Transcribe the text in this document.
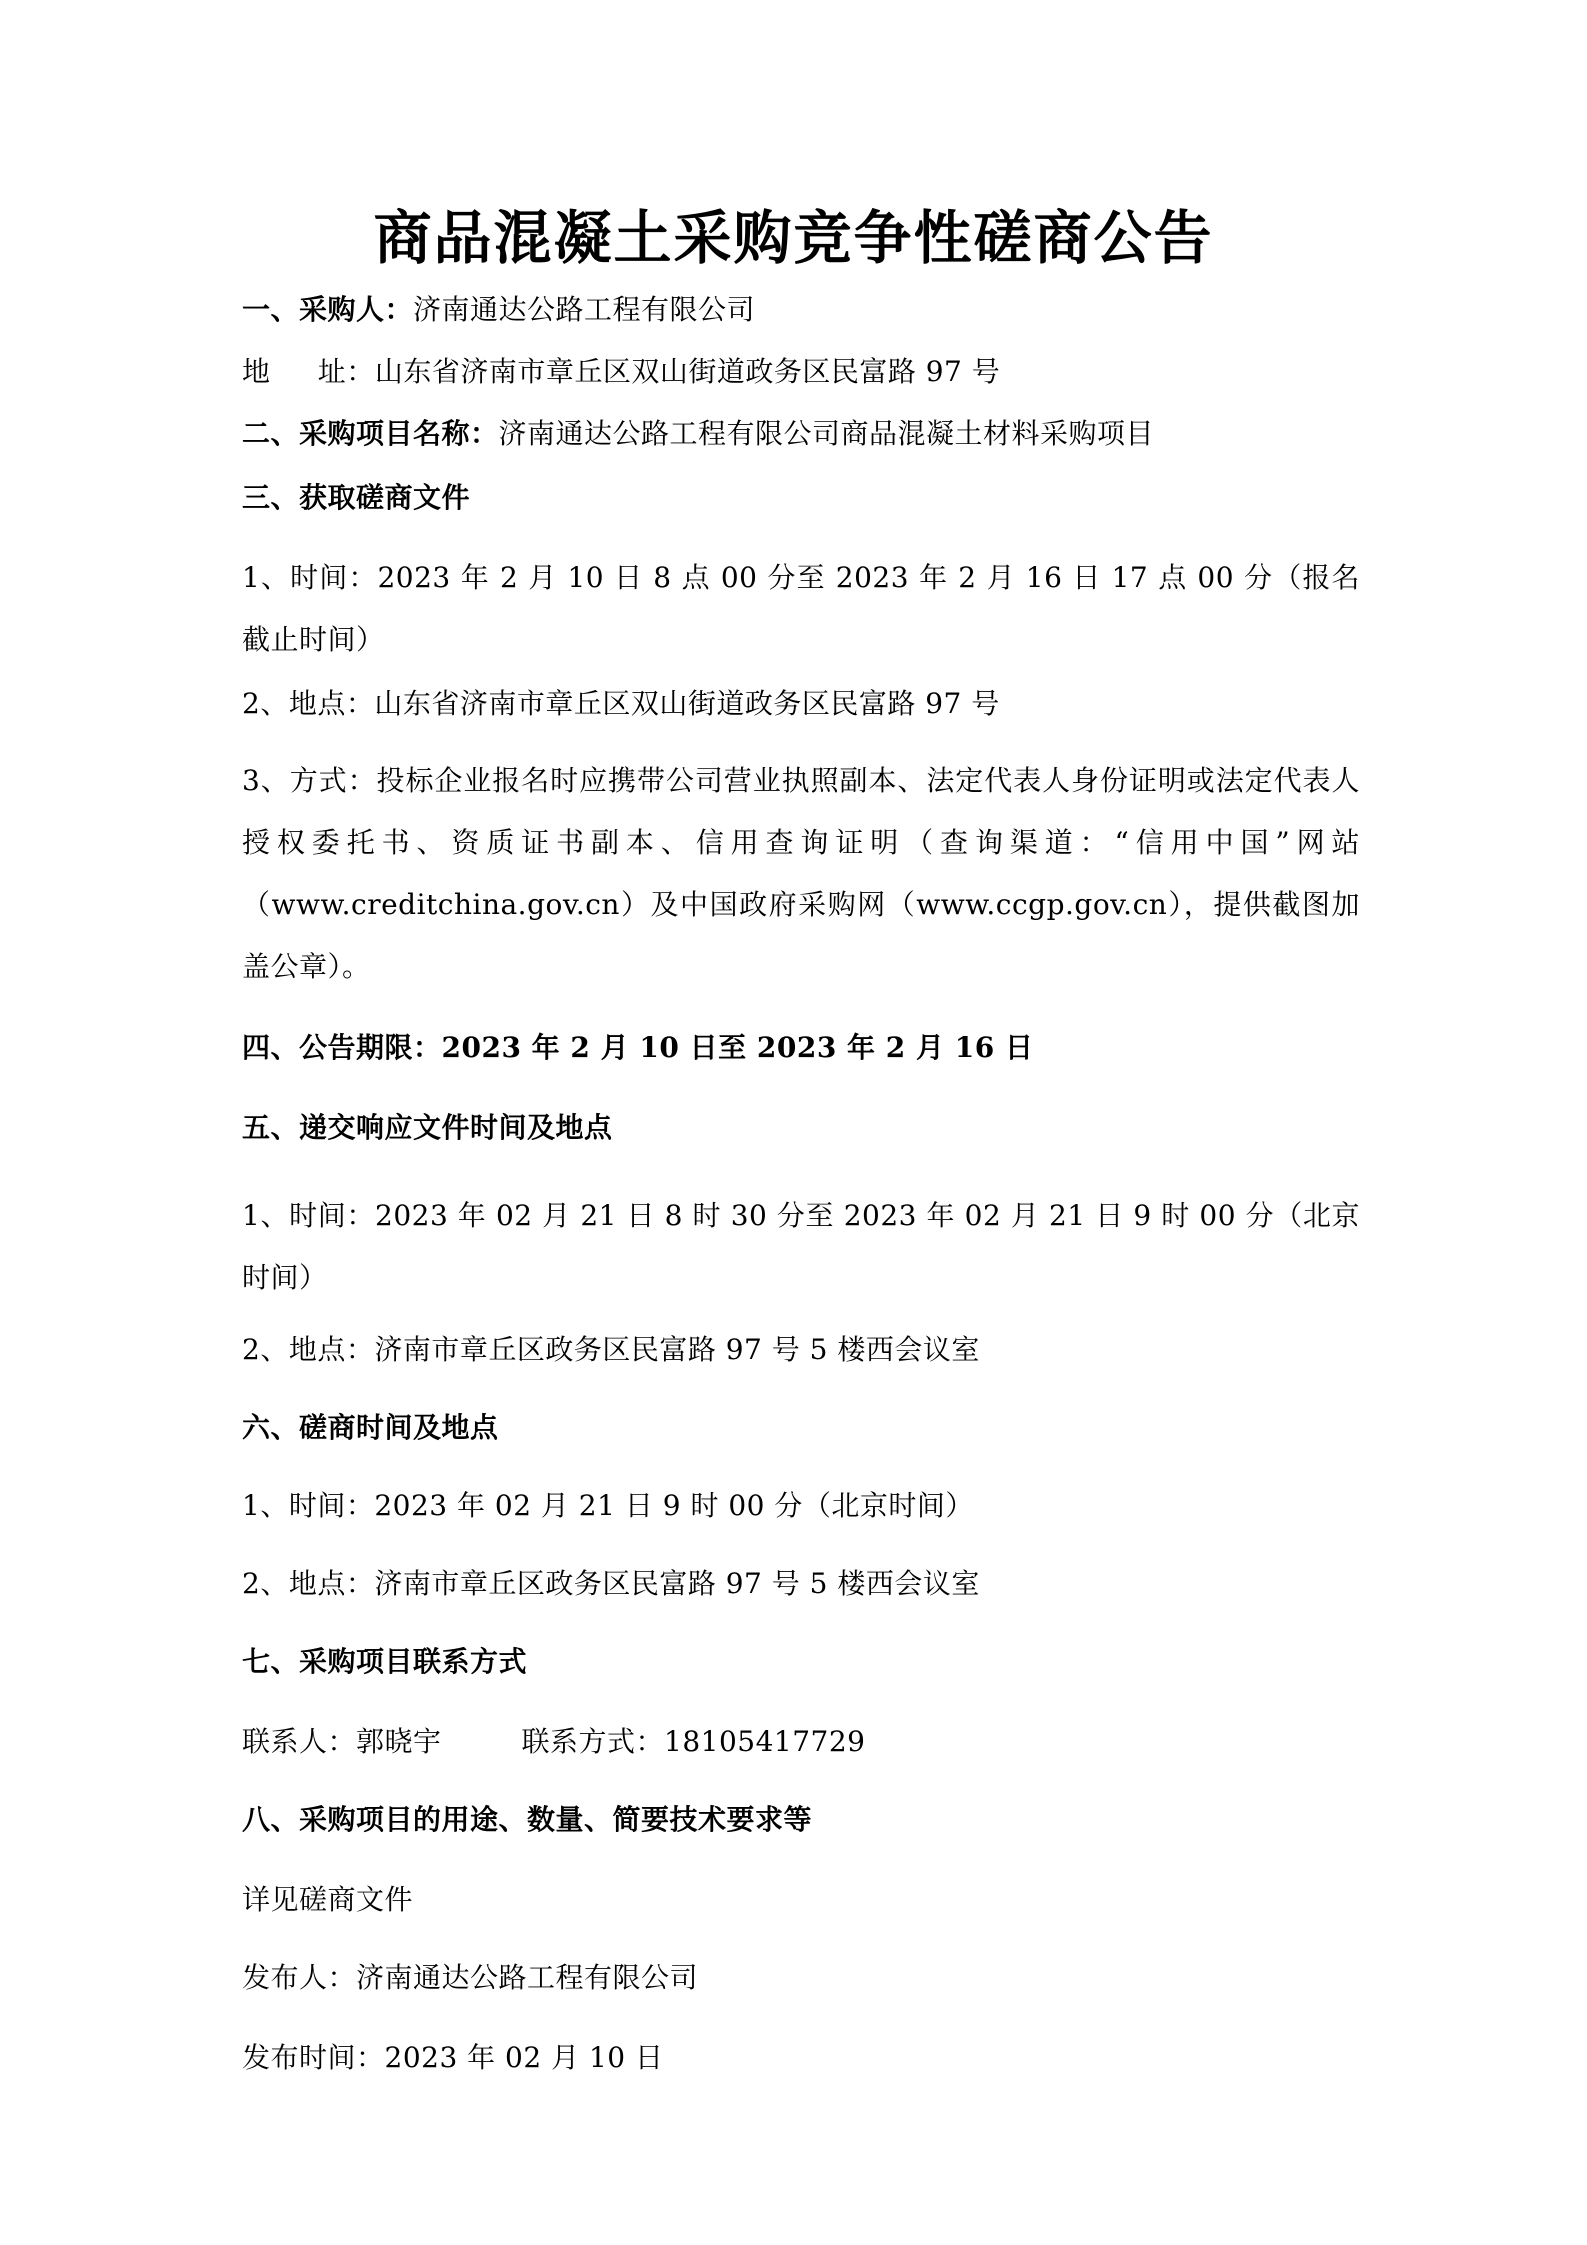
商品混凝土采购竞争性磋商公告
一、采购人：济南通达公路工程有限公司
地　  址：山东省济南市章丘区双山街道政务区民富路 97 号
二、采购项目名称：济南通达公路工程有限公司商品混凝土材料采购项目
三、获取磋商文件
1、时间：2023 年 2 月 10 日 8 点 00 分至 2023 年 2 月 16 日 17 点 00 分（报名截止时间）
2、地点：山东省济南市章丘区双山街道政务区民富路 97 号
3、方式：投标企业报名时应携带公司营业执照副本、法定代表人身份证明或法定代表人授权委托书、资质证书副本、信用查询证明（查询渠道：“信用中国”网站（www.creditchina.gov.cn）及中国政府采购网（www.ccgp.gov.cn），提供截图加盖公章）。
四、公告期限：2023 年 2 月 10 日至 2023 年 2 月 16 日
五、递交响应文件时间及地点
1、时间：2023 年 02 月 21 日 8 时 30 分至 2023 年 02 月 21 日 9 时 00 分（北京时间）
2、地点：济南市章丘区政务区民富路 97 号 5 楼西会议室
六、磋商时间及地点
1、时间：2023 年 02 月 21 日 9 时 00 分（北京时间）
2、地点：济南市章丘区政务区民富路 97 号 5 楼西会议室
七、采购项目联系方式
联系人：郭晓宇	联系方式：18105417729
八、采购项目的用途、数量、简要技术要求等
详见磋商文件
发布人：济南通达公路工程有限公司
发布时间：2023 年 02 月 10 日
